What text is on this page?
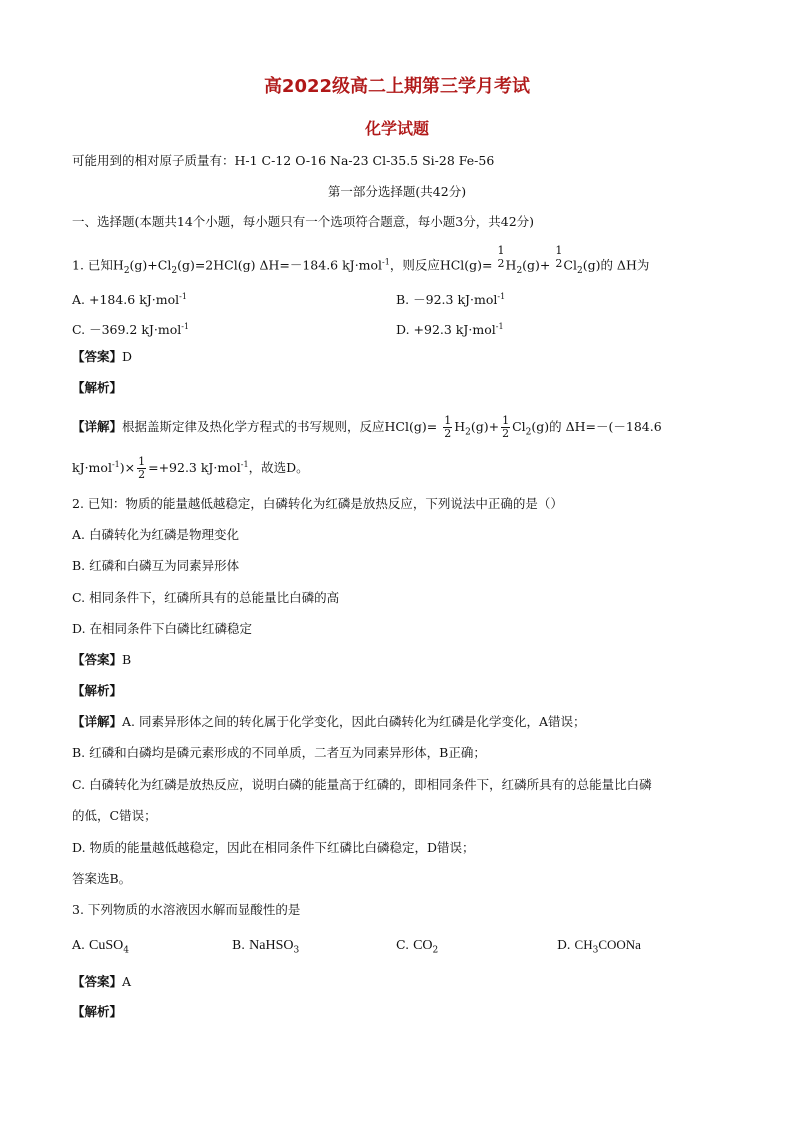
高2022级高二上期第三学月考试
化学试题
可能用到的相对原子质量有：H-1 C-12 O-16 Na-23 Cl-35.5 Si-28 Fe-56
第一部分选择题(共42分)
一、选择题(本题共14个小题，每小题只有一个选项符合题意，每小题3分，共42分)
1. 已知$H_2(g)+Cl_2(g)=2HCl(g)$ ΔH=－184.6 kJ·mol$^{-1}$，则反应HCl(g)=
1
2 $H_2(g)+$
1
2 $Cl_2(g)$的 ΔH为
A. +184.6 kJ·mol$^{-1}$	B. －92.3 kJ·mol$^{-1}$
C. －369.2 kJ·mol$^{-1}$	D. +92.3 kJ·mol$^{-1}$
【答案】D
【解析】
【详解】根据盖斯定律及热化学方程式的书写规则，反应$HCl(g)= \frac{1}{2} H_2(g)+ \frac{1}{2} Cl_2(g)$的 ΔH=－(－184.6
$kJ\cdot mol^{-1})\times \frac{1}{2} =+92.3$ kJ·mol$^{-1}$，故选D。
2. 已知：物质的能量越低越稳定，白磷转化为红磷是放热反应，下列说法中正确的是（）
A. 白磷转化为红磷是物理变化
B. 红磷和白磷互为同素异形体
C. 相同条件下，红磷所具有的总能量比白磷的高
D. 在相同条件下白磷比红磷稳定
【答案】B
【解析】
【详解】A. 同素异形体之间的转化属于化学变化，因此白磷转化为红磷是化学变化，A错误；
B. 红磷和白磷均是磷元素形成的不同单质，二者互为同素异形体，B正确；
C. 白磷转化为红磷是放热反应，说明白磷的能量高于红磷的，即相同条件下，红磷所具有的总能量比白磷
的低，C错误；
D. 物质的能量越低越稳定，因此在相同条件下红磷比白磷稳定，D错误；
答案选B。
3. 下列物质的水溶液因水解而显酸性的是
A. CuSO$_4$	B. NaHSO$_3$	C. $CO_2$	D. $CH_3COONa$
【答案】A
【解析】
